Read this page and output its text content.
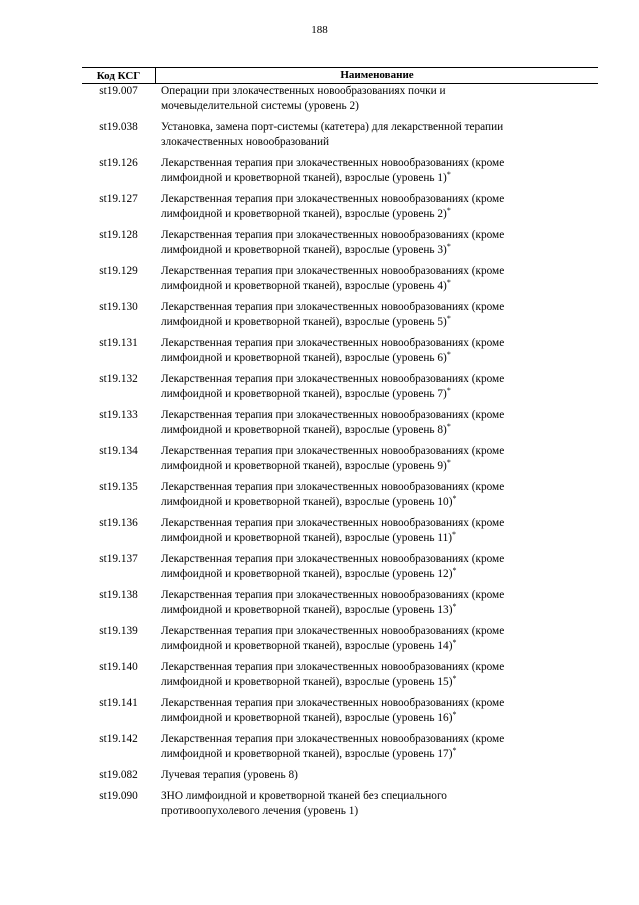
188
Код КСГ	Наименование
st19.007	Операции при злокачественных новообразованиях почки и
мочевыделительной системы (уровень 2)
st19.038	Установка, замена порт-системы (катетера) для лекарственной терапии
злокачественных новообразований
st19.126	Лекарственная терапия при злокачественных новообразованиях (кроме
лимфоидной и кроветворной тканей), взрослые (уровень 1)*
st19.127	Лекарственная терапия при злокачественных новообразованиях (кроме
лимфоидной и кроветворной тканей), взрослые (уровень 2)*
st19.128	Лекарственная терапия при злокачественных новообразованиях (кроме
лимфоидной и кроветворной тканей), взрослые (уровень 3)*
st19.129	Лекарственная терапия при злокачественных новообразованиях (кроме
лимфоидной и кроветворной тканей), взрослые (уровень 4)*
st19.130	Лекарственная терапия при злокачественных новообразованиях (кроме
лимфоидной и кроветворной тканей), взрослые (уровень 5)*
st19.131	Лекарственная терапия при злокачественных новообразованиях (кроме
лимфоидной и кроветворной тканей), взрослые (уровень 6)*
st19.132	Лекарственная терапия при злокачественных новообразованиях (кроме
лимфоидной и кроветворной тканей), взрослые (уровень 7)*
st19.133	Лекарственная терапия при злокачественных новообразованиях (кроме
лимфоидной и кроветворной тканей), взрослые (уровень 8)*
st19.134	Лекарственная терапия при злокачественных новообразованиях (кроме
лимфоидной и кроветворной тканей), взрослые (уровень 9)*
st19.135	Лекарственная терапия при злокачественных новообразованиях (кроме
лимфоидной и кроветворной тканей), взрослые (уровень 10)*
st19.136	Лекарственная терапия при злокачественных новообразованиях (кроме
лимфоидной и кроветворной тканей), взрослые (уровень 11)*
st19.137	Лекарственная терапия при злокачественных новообразованиях (кроме
лимфоидной и кроветворной тканей), взрослые (уровень 12)*
st19.138	Лекарственная терапия при злокачественных новообразованиях (кроме
лимфоидной и кроветворной тканей), взрослые (уровень 13)*
st19.139	Лекарственная терапия при злокачественных новообразованиях (кроме
лимфоидной и кроветворной тканей), взрослые (уровень 14)*
st19.140	Лекарственная терапия при злокачественных новообразованиях (кроме
лимфоидной и кроветворной тканей), взрослые (уровень 15)*
st19.141	Лекарственная терапия при злокачественных новообразованиях (кроме
лимфоидной и кроветворной тканей), взрослые (уровень 16)*
st19.142	Лекарственная терапия при злокачественных новообразованиях (кроме
лимфоидной и кроветворной тканей), взрослые (уровень 17)*
st19.082	Лучевая терапия (уровень 8)
st19.090	ЗНО лимфоидной и кроветворной тканей без специального
противоопухолевого лечения (уровень 1)
